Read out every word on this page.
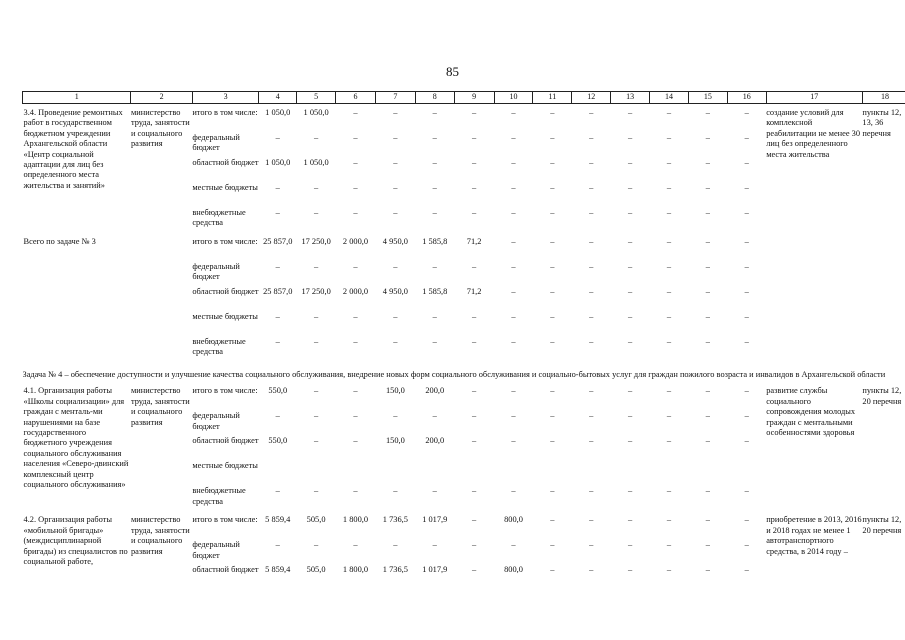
85
1	2	3	4	5	6	7	8	9	10	11	12	13	14	15	16	17	18

3.4. Проведение ремонтных работ в государственном бюджетном учреждении Архангельской области «Центр социальной адаптации для лиц без определенного места жительства и занятий»	министерство труда, занятости и социального развития	итого в том числе:	1 050,0	1 050,0	–	–	–	–	–	–	–	–	–	–	–	создание условий для комплексной реабилитации не менее 30 лиц без определенного места жительства	пункты 12, 13, 36 перечня
		федеральный бюджет	–	–	–	–	–	–	–	–	–	–	–	–	–		
		областной бюджет	1 050,0	1 050,0	–	–	–	–	–	–	–	–	–	–	–		
		местные бюджеты	–	–	–	–	–	–	–	–	–	–	–	–	–		
		внебюджетные средства	–	–	–	–	–	–	–	–	–	–	–	–	–		

Всего по задаче № 3		итого в том числе:	25 857,0	17 250,0	2 000,0	4 950,0	1 585,8	71,2	–	–	–	–	–	–	–		
		федеральный бюджет	–	–	–	–	–	–	–	–	–	–	–	–	–		
		областной бюджет	25 857,0	17 250,0	2 000,0	4 950,0	1 585,8	71,2	–	–	–	–	–	–	–		
		местные бюджеты	–	–	–	–	–	–	–	–	–	–	–	–	–		
		внебюджетные средства	–	–	–	–	–	–	–	–	–	–	–	–	–		
Задача № 4 – обеспечение доступности и улучшение качества социального обслуживания, внедрение новых форм социального обслуживания и социально-бытовых услуг для граждан пожилого возраста и инвалидов в Архангельской области																	
4.1. Организация работы «Школы социализации» для граждан с менталь-ми нарушениями на базе государственного бюджетного учреждения социального обслуживания населения «Северо-двинский комплексный центр социального обслуживания»	министерство труда, занятости и социального развития	итого в том числе:	550,0	–	–	150,0	200,0	–	–	–	–	–	–	–	–	развитие службы социального сопровождения молодых граждан с ментальными особенностями здоровья	пункты 12, 20 перечня
		федеральный бюджет	–	–	–	–	–	–	–	–	–	–	–	–	–		
		областной бюджет	550,0	–	–	150,0	200,0	–	–	–	–	–	–	–	–		
		местные бюджеты															
		внебюджетные средства	–	–	–	–	–	–	–	–	–	–	–	–	–		

4.2. Организация работы «мобильной бригады» (междисциплинарной бригады) из специалистов по социальной работе,	министерство труда, занятости и социального развития	итого в том числе:	5 859,4	505,0	1 800,0	1 736,5	1 017,9	–	800,0	–	–	–	–	–	–	приобретение в 2013, 2016 и 2018 годах не менее 1 автотранспортного средства, в 2014 году –	пункты 12, 20 перечня
		федеральный бюджет	–	–	–	–	–	–	–	–	–	–	–	–	–		
		областной бюджет	5 859,4	505,0	1 800,0	1 736,5	1 017,9	–	800,0	–	–	–	–	–	–		
